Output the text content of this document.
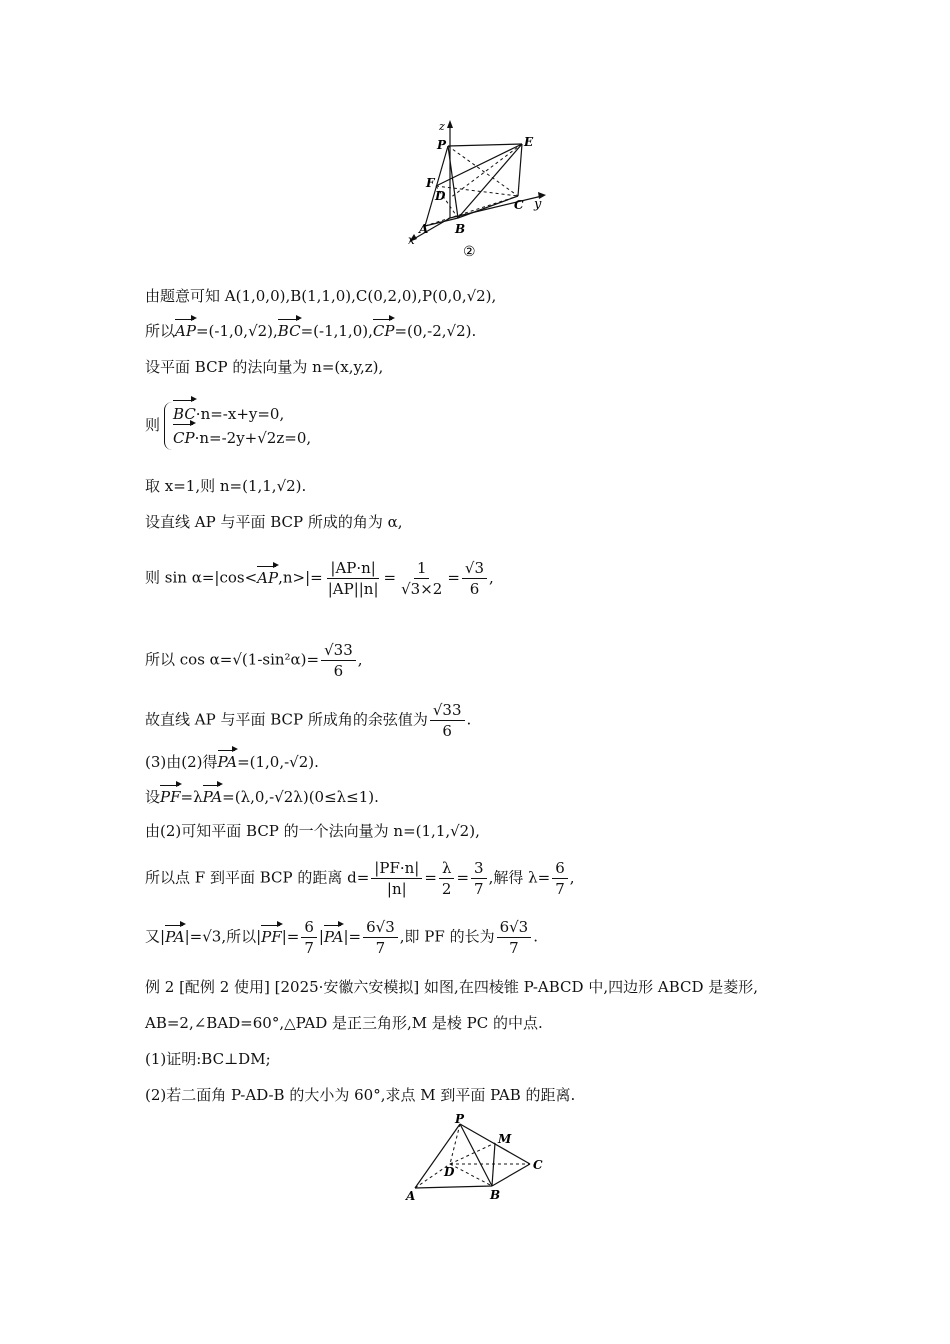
z
P	E
F
D
C y
A B
x
②
由题意可知 A(1,0,0),B(1,1,0),C(0,2,0),P(0,0,√2),
所以AP=(-1,0,√2),BC=(-1,1,0),CP=(0,-2,√2).
设平面 BCP 的法向量为 n=(x,y,z),
则
BC·n=-x+y=0,
CP·n=-2y+√2z=0,
取 x=1,则 n=(1,1,√2).
设直线 AP 与平面 BCP 所成的角为 α,
则 $\sin \alpha=|\cos<AP,n>|= \frac{|AP\cdot n|}{|AP||n|} = \frac{1}{√3\times 2} = \frac{√3}{6}$ ,
所以 $\cos \alpha=√(1-\sin^2\alpha)= \frac{√33}{6}$ ,
故直线 AP 与平面 BCP 所成角的余弦值为 $\frac{√33}{6}$ .
(3)由(2)得PA=(1,0,-√2).
设PF=λPA=(λ,0,-√2λ)(0≤λ≤1).
由(2)可知平面 BCP 的一个法向量为 n=(1,1,√2),
所以点 F 到平面 BCP 的距离 $d= \frac{|PF\cdot n|}{|n|} = \frac{\lambda}{2} = \frac{3}{7}$ ,解得 $\lambda= \frac{6}{7}$ ,
又|PA|=√3,所以$|PF|= \frac{6}{7} |PA|= \frac{6√3}{7}$ ,即 PF 的长为 $\frac{6√3}{7}$ .
例 2 [配例 2 使用] [2025·安徽六安模拟] 如图,在四棱锥 P-ABCD 中,四边形 ABCD 是菱形,
AB=2,∠BAD=60°,△PAD 是正三角形,M 是棱 PC 的中点.
(1)证明:BC⊥DM;
(2)若二面角 P-AD-B 的大小为 60°,求点 M 到平面 PAB 的距离.
P
M
D	C
A	B
